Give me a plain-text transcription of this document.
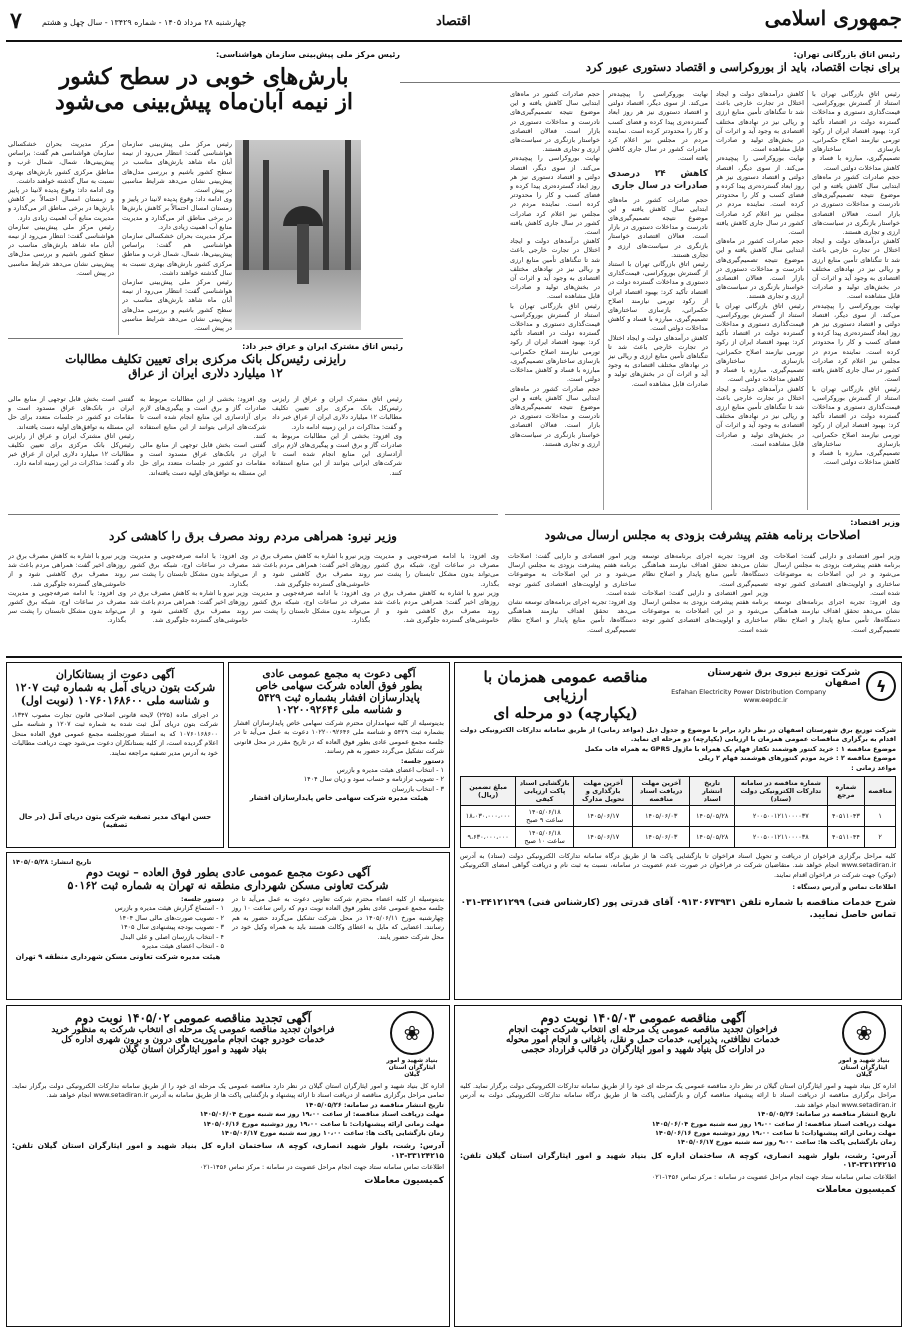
جمهوری اسلامی
اقتصاد
چهارشنبه ۲۸ مرداد ۱۴۰۵ - شماره ۱۳۴۲۹ - سال چهل و هشتم
۷
رئیس اتاق بازرگانی تهران:
برای نجات اقتصاد، باید از بوروکراسی و اقتصاد دستوری عبور کرد
رئیس اتاق بازرگانی تهران با استناد از گسترش بوروکراسی، قیمت‌گذاری دستوری و مداخلات گسترده دولت در اقتصاد تأکید کرد: بهبود اقتصاد ایران از رکود تورمی نیازمند اصلاح حکمرانی، بازسازی ساختارهای تصمیم‌گیری، مبارزه با فساد و کاهش مداخلات دولتی است.
حجم صادرات کشور در ماه‌های ابتدایی سال کاهش یافته و این موضوع نتیجه تصمیم‌گیری‌های نادرست و مداخلات دستوری در بازار است. فعالان اقتصادی خواستار بازنگری در سیاست‌های ارزی و تجاری هستند.
کاهش درآمدهای دولت و ایجاد اختلال در تجارت خارجی باعث شد تا تنگناهای تأمین منابع ارزی و ریالی نیز در نهادهای مختلف اقتصادی به وجود آید و اثرات آن در بخش‌های تولید و صادرات قابل مشاهده است.
نهایت بوروکراسی را پیچیده‌تر می‌کند. از سوی دیگر، اقتصاد دولتی و اقتصاد دستوری نیز هر روز ابعاد گسترده‌تری پیدا کرده و فضای کسب و کار را محدودتر کرده است. نماینده مردم در مجلس نیز اعلام کرد صادرات کشور در سال جاری کاهش یافته است.
رئیس اتاق بازرگانی تهران با استناد از گسترش بوروکراسی، قیمت‌گذاری دستوری و مداخلات گسترده دولت در اقتصاد تأکید کرد: بهبود اقتصاد ایران از رکود تورمی نیازمند اصلاح حکمرانی، بازسازی ساختارهای تصمیم‌گیری، مبارزه با فساد و کاهش مداخلات دولتی است.
کاهش درآمدهای دولت و ایجاد اختلال در تجارت خارجی باعث شد تا تنگناهای تأمین منابع ارزی و ریالی نیز در نهادهای مختلف اقتصادی به وجود آید و اثرات آن در بخش‌های تولید و صادرات قابل مشاهده است.
نهایت بوروکراسی را پیچیده‌تر می‌کند. از سوی دیگر، اقتصاد دولتی و اقتصاد دستوری نیز هر روز ابعاد گسترده‌تری پیدا کرده و فضای کسب و کار را محدودتر کرده است. نماینده مردم در مجلس نیز اعلام کرد صادرات کشور در سال جاری کاهش یافته است.
حجم صادرات کشور در ماه‌های ابتدایی سال کاهش یافته و این موضوع نتیجه تصمیم‌گیری‌های نادرست و مداخلات دستوری در بازار است. فعالان اقتصادی خواستار بازنگری در سیاست‌های ارزی و تجاری هستند.
رئیس اتاق بازرگانی تهران با استناد از گسترش بوروکراسی، قیمت‌گذاری دستوری و مداخلات گسترده دولت در اقتصاد تأکید کرد: بهبود اقتصاد ایران از رکود تورمی نیازمند اصلاح حکمرانی، بازسازی ساختارهای تصمیم‌گیری، مبارزه با فساد و کاهش مداخلات دولتی است.
کاهش درآمدهای دولت و ایجاد اختلال در تجارت خارجی باعث شد تا تنگناهای تأمین منابع ارزی و ریالی نیز در نهادهای مختلف اقتصادی به وجود آید و اثرات آن در بخش‌های تولید و صادرات قابل مشاهده است.
نهایت بوروکراسی را پیچیده‌تر می‌کند. از سوی دیگر، اقتصاد دولتی و اقتصاد دستوری نیز هر روز ابعاد گسترده‌تری پیدا کرده و فضای کسب و کار را محدودتر کرده است. نماینده مردم در مجلس نیز اعلام کرد صادرات کشور در سال جاری کاهش یافته است.
کاهش ۲۴ درصدی صادرات در سال جاری
حجم صادرات کشور در ماه‌های ابتدایی سال کاهش یافته و این موضوع نتیجه تصمیم‌گیری‌های نادرست و مداخلات دستوری در بازار است. فعالان اقتصادی خواستار بازنگری در سیاست‌های ارزی و تجاری هستند.
رئیس اتاق بازرگانی تهران با استناد از گسترش بوروکراسی، قیمت‌گذاری دستوری و مداخلات گسترده دولت در اقتصاد تأکید کرد: بهبود اقتصاد ایران از رکود تورمی نیازمند اصلاح حکمرانی، بازسازی ساختارهای تصمیم‌گیری، مبارزه با فساد و کاهش مداخلات دولتی است.
کاهش درآمدهای دولت و ایجاد اختلال در تجارت خارجی باعث شد تا تنگناهای تأمین منابع ارزی و ریالی نیز در نهادهای مختلف اقتصادی به وجود آید و اثرات آن در بخش‌های تولید و صادرات قابل مشاهده است.
حجم صادرات کشور در ماه‌های ابتدایی سال کاهش یافته و این موضوع نتیجه تصمیم‌گیری‌های نادرست و مداخلات دستوری در بازار است. فعالان اقتصادی خواستار بازنگری در سیاست‌های ارزی و تجاری هستند.
نهایت بوروکراسی را پیچیده‌تر می‌کند. از سوی دیگر، اقتصاد دولتی و اقتصاد دستوری نیز هر روز ابعاد گسترده‌تری پیدا کرده و فضای کسب و کار را محدودتر کرده است. نماینده مردم در مجلس نیز اعلام کرد صادرات کشور در سال جاری کاهش یافته است.
کاهش درآمدهای دولت و ایجاد اختلال در تجارت خارجی باعث شد تا تنگناهای تأمین منابع ارزی و ریالی نیز در نهادهای مختلف اقتصادی به وجود آید و اثرات آن در بخش‌های تولید و صادرات قابل مشاهده است.
رئیس اتاق بازرگانی تهران با استناد از گسترش بوروکراسی، قیمت‌گذاری دستوری و مداخلات گسترده دولت در اقتصاد تأکید کرد: بهبود اقتصاد ایران از رکود تورمی نیازمند اصلاح حکمرانی، بازسازی ساختارهای تصمیم‌گیری، مبارزه با فساد و کاهش مداخلات دولتی است.
حجم صادرات کشور در ماه‌های ابتدایی سال کاهش یافته و این موضوع نتیجه تصمیم‌گیری‌های نادرست و مداخلات دستوری در بازار است. فعالان اقتصادی خواستار بازنگری در سیاست‌های ارزی و تجاری هستند.
رئیس مرکز ملی پیش‌بینی سازمان هواشناسی:
بارش‌های خوبی در سطح کشور
از نیمه آبان‌ماه پیش‌بینی می‌شود
رئیس مرکز ملی پیش‌بینی سازمان هواشناسی گفت: انتظار می‌رود از نیمه آبان ماه شاهد بارش‌های مناسب در سطح کشور باشیم و بررسی مدل‌های پیش‌بینی نشان می‌دهد شرایط مناسبی در پیش است.
وی ادامه داد: وقوع پدیده لانینا در پاییز و زمستان امسال احتمالاً بر کاهش بارش‌ها در برخی مناطق اثر می‌گذارد و مدیریت منابع آب اهمیت زیادی دارد.
مرکز مدیریت بحران خشکسالی سازمان هواشناسی هم گفت: براساس پیش‌بینی‌ها، شمال، شمال غرب و مناطق مرکزی کشور بارش‌های بهتری نسبت به سال گذشته خواهند داشت.
رئیس مرکز ملی پیش‌بینی سازمان هواشناسی گفت: انتظار می‌رود از نیمه آبان ماه شاهد بارش‌های مناسب در سطح کشور باشیم و بررسی مدل‌های پیش‌بینی نشان می‌دهد شرایط مناسبی در پیش است.
مرکز مدیریت بحران خشکسالی سازمان هواشناسی هم گفت: براساس پیش‌بینی‌ها، شمال، شمال غرب و مناطق مرکزی کشور بارش‌های بهتری نسبت به سال گذشته خواهند داشت.
وی ادامه داد: وقوع پدیده لانینا در پاییز و زمستان امسال احتمالاً بر کاهش بارش‌ها در برخی مناطق اثر می‌گذارد و مدیریت منابع آب اهمیت زیادی دارد.
رئیس مرکز ملی پیش‌بینی سازمان هواشناسی گفت: انتظار می‌رود از نیمه آبان ماه شاهد بارش‌های مناسب در سطح کشور باشیم و بررسی مدل‌های پیش‌بینی نشان می‌دهد شرایط مناسبی در پیش است.
رئیس اتاق مشترک ایران و عراق خبر داد:
رایزنی رئیس‌کل بانک مرکزی برای تعیین تکلیف مطالبات
۱۲ میلیارد دلاری ایران از عراق
گفتنی است بخش قابل توجهی از منابع مالی ایران در بانک‌های عراق مسدود است و مقامات دو کشور در جلسات متعدد برای حل این مسئله به توافق‌های اولیه دست یافته‌اند.
رئیس اتاق مشترک ایران و عراق از رایزنی رئیس‌کل بانک مرکزی برای تعیین تکلیف مطالبات ۱۲ میلیارد دلاری ایران از عراق خبر داد و گفت: مذاکرات در این زمینه ادامه دارد.
وی افزود: بخشی از این مطالبات مربوط به صادرات گاز و برق است و پیگیری‌های لازم برای آزادسازی این منابع انجام شده است تا شرکت‌های ایرانی بتوانند از این منابع استفاده کنند.
گفتنی است بخش قابل توجهی از منابع مالی ایران در بانک‌های عراق مسدود است و مقامات دو کشور در جلسات متعدد برای حل این مسئله به توافق‌های اولیه دست یافته‌اند.
رئیس اتاق مشترک ایران و عراق از رایزنی رئیس‌کل بانک مرکزی برای تعیین تکلیف مطالبات ۱۲ میلیارد دلاری ایران از عراق خبر داد و گفت: مذاکرات در این زمینه ادامه دارد.
وی افزود: بخشی از این مطالبات مربوط به صادرات گاز و برق است و پیگیری‌های لازم برای آزادسازی این منابع انجام شده است تا شرکت‌های ایرانی بتوانند از این منابع استفاده کنند.
وزیر اقتصاد:
اصلاحات برنامه هفتم پیشرفت بزودی به مجلس ارسال می‌شود
وزیر امور اقتصادی و دارایی گفت: اصلاحات برنامه هفتم پیشرفت بزودی به مجلس ارسال می‌شود و در این اصلاحات به موضوعات ساختاری و اولویت‌های اقتصادی کشور توجه شده است.
وی افزود: تجربه اجرای برنامه‌های توسعه نشان می‌دهد تحقق اهداف نیازمند هماهنگی دستگاه‌ها، تأمین منابع پایدار و اصلاح نظام تصمیم‌گیری است.
وی افزود: تجربه اجرای برنامه‌های توسعه نشان می‌دهد تحقق اهداف نیازمند هماهنگی دستگاه‌ها، تأمین منابع پایدار و اصلاح نظام تصمیم‌گیری است.
وزیر امور اقتصادی و دارایی گفت: اصلاحات برنامه هفتم پیشرفت بزودی به مجلس ارسال می‌شود و در این اصلاحات به موضوعات ساختاری و اولویت‌های اقتصادی کشور توجه شده است.
وزیر امور اقتصادی و دارایی گفت: اصلاحات برنامه هفتم پیشرفت بزودی به مجلس ارسال می‌شود و در این اصلاحات به موضوعات ساختاری و اولویت‌های اقتصادی کشور توجه شده است.
وی افزود: تجربه اجرای برنامه‌های توسعه نشان می‌دهد تحقق اهداف نیازمند هماهنگی دستگاه‌ها، تأمین منابع پایدار و اصلاح نظام تصمیم‌گیری است.
وزیر نیرو: همراهی مردم روند مصرف برق را کاهشی کرد
وزیر نیرو با اشاره به کاهش مصرف برق در روزهای اخیر گفت: همراهی مردم باعث شد روند مصرف برق کاهشی شود و از خاموشی‌های گسترده جلوگیری شد.
وی افزود: با ادامه صرفه‌جویی و مدیریت مصرف در ساعات اوج، شبکه برق کشور می‌تواند بدون مشکل تابستان را پشت سر بگذارد.
وی افزود: با ادامه صرفه‌جویی و مدیریت مصرف در ساعات اوج، شبکه برق کشور می‌تواند بدون مشکل تابستان را پشت سر بگذارد.
وزیر نیرو با اشاره به کاهش مصرف برق در روزهای اخیر گفت: همراهی مردم باعث شد روند مصرف برق کاهشی شود و از خاموشی‌های گسترده جلوگیری شد.
وزیر نیرو با اشاره به کاهش مصرف برق در روزهای اخیر گفت: همراهی مردم باعث شد روند مصرف برق کاهشی شود و از خاموشی‌های گسترده جلوگیری شد.
وی افزود: با ادامه صرفه‌جویی و مدیریت مصرف در ساعات اوج، شبکه برق کشور می‌تواند بدون مشکل تابستان را پشت سر بگذارد.
وی افزود: با ادامه صرفه‌جویی و مدیریت مصرف در ساعات اوج، شبکه برق کشور می‌تواند بدون مشکل تابستان را پشت سر بگذارد.
وزیر نیرو با اشاره به کاهش مصرف برق در روزهای اخیر گفت: همراهی مردم باعث شد روند مصرف برق کاهشی شود و از خاموشی‌های گسترده جلوگیری شد.
ϟ
شرکت توزیع نیروی برق شهرستان اصفهان
Esfahan Electricity Power Distribution Company
www.eepdc.ir
مناقصه عمومی همزمان با ارزیابی
(یکپارچه) دو مرحله ای
شرکت توزیع برق شهرستان اصفهان در نظر دارد برابر با موضوع و جدول ذیل (مواعد زمانی) از طریق سامانه تدارکات الکترونیکی دولت اقدام به برگزاری مناقصات عمومی همزمان با ارزیابی (یکپارچه) دو مرحله ای نماید.
موضوع مناقصه ۱ : خرید کنتور هوشمند تکفاز فهام یک همراه با ماژول GPRS به همراه قاب مکمل
موضوع مناقصه ۲ : خرید مودم کنتورهای هوشمند فهام ۲ ریلی
مواعد زمانی :
مناقصه	شماره مرجع	شماره مناقصه در سامانه تدارکات الکترونیکی دولت (ستاد)	تاریخ انتشار اسناد	آخرین مهلت دریافت اسناد مناقصه	آخرین مهلت بارگذاری و تحویل مدارک	بازگشایی اسناد پاکت ارزیابی کیفی	مبلغ تضمین (ریال)
۱	۴۰۵۱۱۰۴۳	۲۰۰۵۰۰۱۲۱۱۰۰۰۰۳۷	۱۴۰۵/۰۵/۲۸	۱۴۰۵/۰۶/۰۳	۱۴۰۵/۰۶/۱۷	۱۴۰۵/۰۶/۱۸ ساعت ۹ صبح	۱۸،۰۳۰،۰۰۰،۰۰۰
۲	۴۰۵۱۱۰۴۴	۲۰۰۵۰۰۱۲۱۱۰۰۰۰۳۸	۱۴۰۵/۰۵/۲۸	۱۴۰۵/۰۶/۰۳	۱۴۰۵/۰۶/۱۷	۱۴۰۵/۰۶/۱۸ ساعت ۱۰ صبح	۹،۶۳۰،۰۰۰،۰۰۰
کلیه مراحل برگزاری فراخوان از دریافت و تحویل اسناد فراخوان تا بازگشایی پاکت ها از طریق درگاه سامانه تدارکات الکترونیکی دولت (ستاد) به آدرس www.setadiran.ir انجام خواهد شد. متقاضیان شرکت در فراخوان در صورت عدم عضویت در سامانه، نسبت به ثبت نام و دریافت گواهی امضای الکترونیکی (توکن) جهت شرکت در فراخوان اقدام نمایند.
اطلاعات تماس و آدرس دستگاه :
شرح خدمات مناقصه با شماره تلفن ۰۹۱۳۰۶۷۳۹۳۱ آقای قدرتی پور (کارشناس فنی) ۳۴۱۲۱۲۹۹-۰۳۱ تماس حاصل نمایید.
آگهی دعوت از بستانکاران
شرکت بتون دریای آمل به شماره ثبت ۱۲۰۷
و شناسه ملی ۱۰۷۶۰۱۶۸۶۰۰ (نوبت اول)
در اجرای ماده (۲۲۵) لایحه قانونی اصلاحی قانون تجارت مصوب ۱۳۴۷، شرکت بتون دریای آمل ثبت شده به شماره ثبت ۱۲۰۷ و شناسه ملی ۱۰۷۶۰۱۶۸۶۰۰ که به استناد صورتجلسه مجمع عمومی فوق العاده منحل اعلام گردیده است، از کلیه بستانکاران دعوت می‌شود جهت دریافت مطالبات خود به آدرس مدیر تصفیه مراجعه نمایند.
حسن ابهاک مدیر تصفیه شرکت بتون دریای آمل (در حال تصفیه)
آگهی دعوت به مجمع عمومی عادی
بطور فوق العاده شرکت سهامی خاص
پایدارسازان افشار بشماره ثبت ۵۴۲۹
و شناسه ملی ۱۰۲۲۰۰۹۲۶۴۶
بدینوسیله از کلیه سهامداران محترم شرکت سهامی خاص پایدارسازان افشار بشماره ثبت ۵۴۲۹ و شناسه ملی ۱۰۲۲۰۰۹۲۶۴۶ دعوت به عمل می‌آید تا در جلسه مجمع عمومی عادی بطور فوق العاده که در تاریخ مقرر در محل قانونی شرکت تشکیل می‌گردد حضور به هم رسانند.
دستور جلسه:
۱ - انتخاب اعضای هیئت مدیره و بازرس
۲ - تصویب ترازنامه و حساب سود و زیان سال ۱۴۰۴
۳ - انتخاب بازرسان
هیئت مدیره شرکت سهامی خاص پایدارسازان افشار
تاریخ انتشار: ۱۴۰۵/۰۵/۲۸
آگهی دعوت مجمع عمومی عادی بطور فوق العاده – نوبت دوم
شرکت تعاونی مسکن شهرداری منطقه نه تهران به شماره ثبت ۵۰۱۶۲
بدینوسیله از کلیه اعضاء محترم شرکت تعاونی دعوت به عمل می‌آید تا در جلسه مجمع عمومی عادی بطور فوق العاده نوبت دوم که راس ساعت ۱۰ روز چهارشنبه مورخ ۱۴۰۵/۰۶/۱۱ در محل شرکت تشکیل می‌گردد حضور به هم رسانند. اعضایی که مایل به اعطای وکالت هستند باید به همراه وکیل خود در محل شرکت حضور یابند.
دستور جلسه:
۱ - استماع گزارش هیئت مدیره و بازرس
۲ - تصویب صورت‌های مالی سال ۱۴۰۴
۳ - تصویب بودجه پیشنهادی سال ۱۴۰۵
۴ - انتخاب بازرسان اصلی و علی البدل
۵ - انتخاب اعضای هیئت مدیره
هیئت مدیره شرکت تعاونی مسکن شهرداری منطقه ۹ تهران
❀
بنیاد شهید و امور ایثارگران استان گیلان
آگهی مناقصه عمومی ۱۴۰۵/۰۳ نوبت دوم
فراخوان تجدید مناقصه عمومی یک مرحله ای انتخاب شرکت جهت انجام
خدمات نظافتی، پذیرایی، خدمات حمل و نقل، باغبانی و انجام امور محوله
در ادارات کل بنیاد شهید و امور ایثارگران در قالب قرارداد حجمی
اداره کل بنیاد شهید و امور ایثارگران استان گیلان در نظر دارد مناقصه عمومی یک مرحله ای خود را از طریق سامانه تدارکات الکترونیکی دولت برگزار نماید. کلیه مراحل برگزاری مناقصه از دریافت اسناد تا ارائه پیشنهاد مناقصه گران و بازگشایی پاکت ها از طریق درگاه سامانه تدارکات الکترونیکی دولت به آدرس www.setadiran.ir انجام خواهد شد.
تاریخ انتشار مناقصه در سامانه: ۱۴۰۵/۰۵/۲۶
مهلت دریافت اسناد مناقصه: از ساعت ۱۹،۰۰ روز سه شنبه مورخ ۱۴۰۵/۰۶/۰۴
مهلت زمانی ارائه پیشنهادات: تا ساعت ۱۹،۰۰ روز دوشنبه مورخ ۱۴۰۵/۰۶/۱۶
زمان بازگشایی پاکت ها: ساعت ۹،۰۰ روز سه شنبه مورخ ۱۴۰۵/۰۶/۱۷
آدرس: رشت، بلوار شهید انصاری، کوچه ۸، ساختمان اداره کل بنیاد شهید و امور ایثارگران استان گیلان تلفن: ۳۳۱۲۴۲۱۵-۰۱۳
اطلاعات تماس سامانه ستاد جهت انجام مراحل عضویت در سامانه : مرکز تماس ۱۴۵۶-۰۲۱
کمیسیون معاملات
❀
بنیاد شهید و امور ایثارگران استان گیلان
آگهی تجدید مناقصه عمومی ۱۴۰۵/۰۲ نوبت دوم
فراخوان تجدید مناقصه عمومی یک مرحله ای انتخاب شرکت به منظور خرید
خدمات خودرو جهت انجام ماموریت های درون و برون شهری اداره کل
بنیاد شهید و امور ایثارگران استان گیلان
اداره کل بنیاد شهید و امور ایثارگران استان گیلان در نظر دارد مناقصه عمومی یک مرحله ای خود را از طریق سامانه تدارکات الکترونیکی دولت برگزار نماید. تمامی مراحل برگزاری مناقصه از دریافت اسناد تا ارائه پیشنهاد و بازگشایی پاکت ها از طریق سامانه به آدرس www.setadiran.ir انجام خواهد شد.
تاریخ انتشار مناقصه در سامانه: ۱۴۰۵/۰۵/۲۶
مهلت دریافت اسناد مناقصه: از ساعت ۱۹،۰۰ روز سه شنبه مورخ ۱۴۰۵/۰۶/۰۴
مهلت زمانی ارائه پیشنهادات: تا ساعت ۱۹،۰۰ روز دوشنبه مورخ ۱۴۰۵/۰۶/۱۶
زمان بازگشایی پاکت ها: ساعت ۱۰،۰۰ روز سه شنبه مورخ ۱۴۰۵/۰۶/۱۷
آدرس: رشت، بلوار شهید انصاری، کوچه ۸، ساختمان اداره کل بنیاد شهید و امور ایثارگران استان گیلان تلفن: ۳۳۱۲۴۲۱۵-۰۱۳
اطلاعات تماس سامانه ستاد جهت انجام مراحل عضویت در سامانه : مرکز تماس ۱۴۵۶-۰۲۱
کمیسیون معاملات
